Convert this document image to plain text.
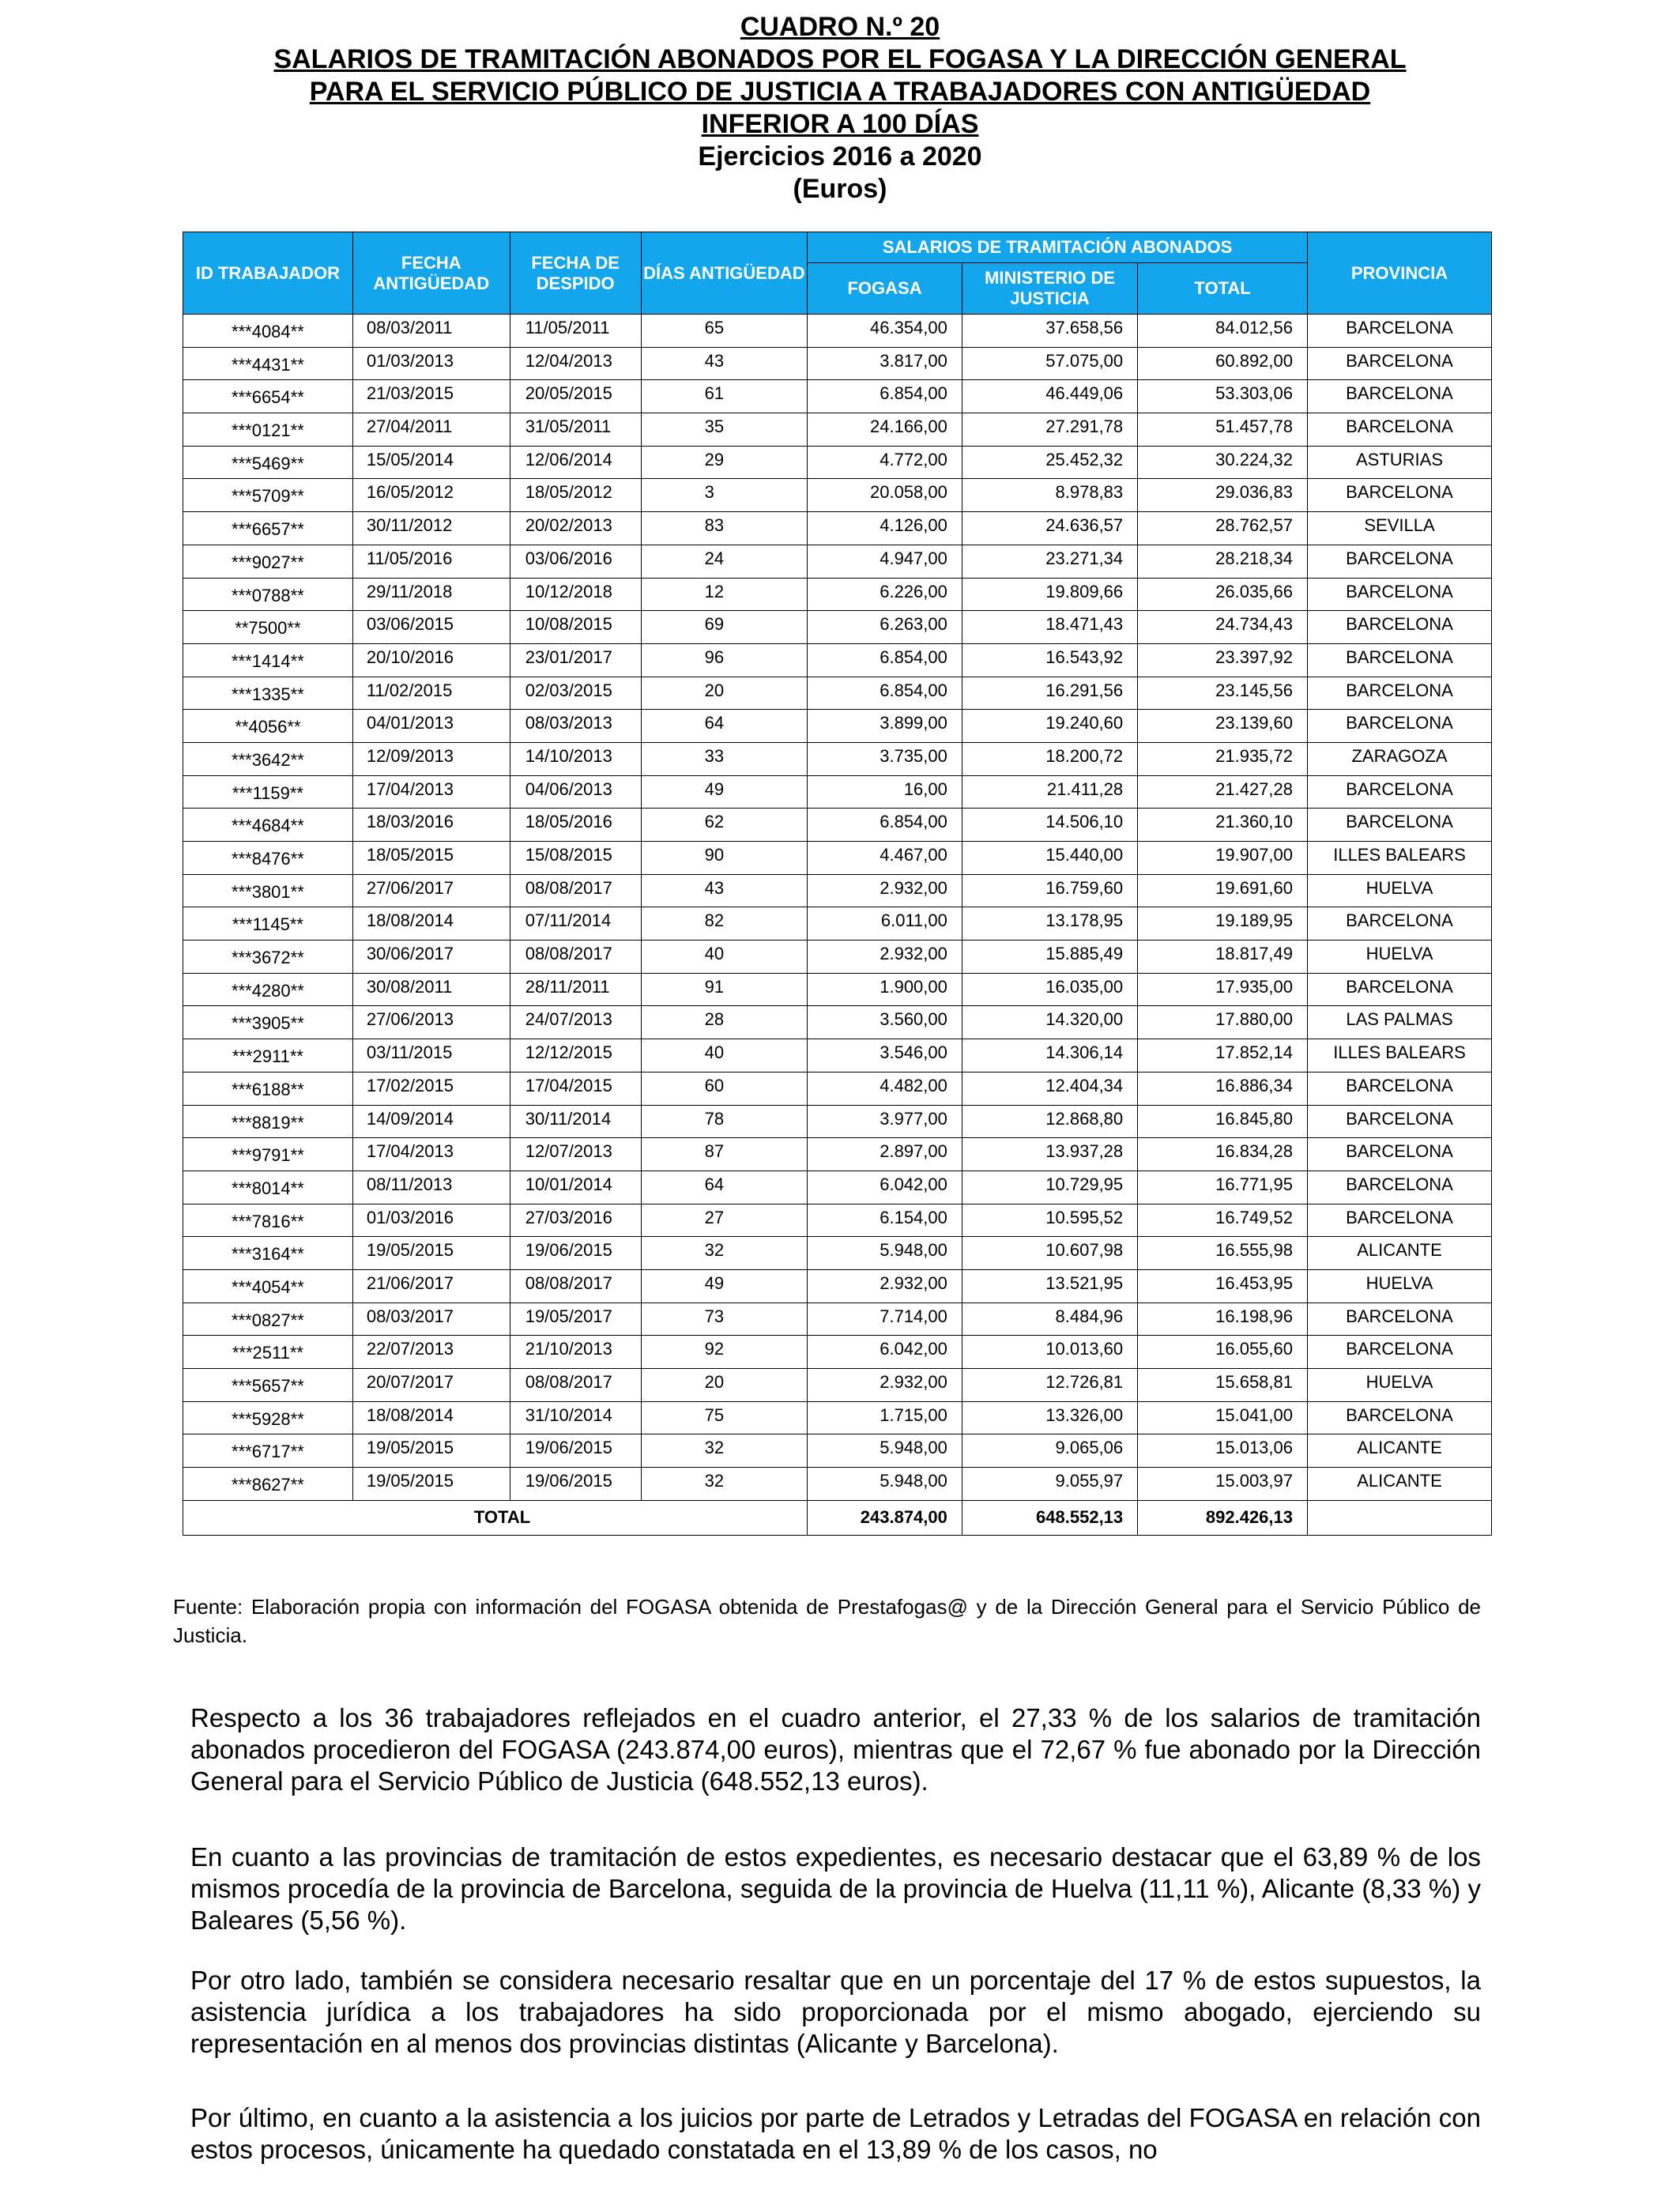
CUADRO N.º 20
SALARIOS DE TRAMITACIÓN ABONADOS POR EL FOGASA Y LA DIRECCIÓN GENERAL
PARA EL SERVICIO PÚBLICO DE JUSTICIA A TRABAJADORES CON ANTIGÜEDAD
INFERIOR A 100 DÍAS
Ejercicios 2016 a 2020
(Euros)
ID TRABAJADOR	FECHA ANTIGÜEDAD	FECHA DE DESPIDO	DÍAS ANTIGÜEDAD	SALARIOS DE TRAMITACIÓN ABONADOS			PROVINCIA
				FOGASA	MINISTERIO DE JUSTICIA	TOTAL	
***4084**	08/03/2011	11/05/2011	65	46.354,00	37.658,56	84.012,56	BARCELONA
***4431**	01/03/2013	12/04/2013	43	3.817,00	57.075,00	60.892,00	BARCELONA
***6654**	21/03/2015	20/05/2015	61	6.854,00	46.449,06	53.303,06	BARCELONA
***0121**	27/04/2011	31/05/2011	35	24.166,00	27.291,78	51.457,78	BARCELONA
***5469**	15/05/2014	12/06/2014	29	4.772,00	25.452,32	30.224,32	ASTURIAS
***5709**	16/05/2012	18/05/2012	3	20.058,00	8.978,83	29.036,83	BARCELONA
***6657**	30/11/2012	20/02/2013	83	4.126,00	24.636,57	28.762,57	SEVILLA
***9027**	11/05/2016	03/06/2016	24	4.947,00	23.271,34	28.218,34	BARCELONA
***0788**	29/11/2018	10/12/2018	12	6.226,00	19.809,66	26.035,66	BARCELONA
**7500**	03/06/2015	10/08/2015	69	6.263,00	18.471,43	24.734,43	BARCELONA
***1414**	20/10/2016	23/01/2017	96	6.854,00	16.543,92	23.397,92	BARCELONA
***1335**	11/02/2015	02/03/2015	20	6.854,00	16.291,56	23.145,56	BARCELONA
**4056**	04/01/2013	08/03/2013	64	3.899,00	19.240,60	23.139,60	BARCELONA
***3642**	12/09/2013	14/10/2013	33	3.735,00	18.200,72	21.935,72	ZARAGOZA
***1159**	17/04/2013	04/06/2013	49	16,00	21.411,28	21.427,28	BARCELONA
***4684**	18/03/2016	18/05/2016	62	6.854,00	14.506,10	21.360,10	BARCELONA
***8476**	18/05/2015	15/08/2015	90	4.467,00	15.440,00	19.907,00	ILLES BALEARS
***3801**	27/06/2017	08/08/2017	43	2.932,00	16.759,60	19.691,60	HUELVA
***1145**	18/08/2014	07/11/2014	82	6.011,00	13.178,95	19.189,95	BARCELONA
***3672**	30/06/2017	08/08/2017	40	2.932,00	15.885,49	18.817,49	HUELVA
***4280**	30/08/2011	28/11/2011	91	1.900,00	16.035,00	17.935,00	BARCELONA
***3905**	27/06/2013	24/07/2013	28	3.560,00	14.320,00	17.880,00	LAS PALMAS
***2911**	03/11/2015	12/12/2015	40	3.546,00	14.306,14	17.852,14	ILLES BALEARS
***6188**	17/02/2015	17/04/2015	60	4.482,00	12.404,34	16.886,34	BARCELONA
***8819**	14/09/2014	30/11/2014	78	3.977,00	12.868,80	16.845,80	BARCELONA
***9791**	17/04/2013	12/07/2013	87	2.897,00	13.937,28	16.834,28	BARCELONA
***8014**	08/11/2013	10/01/2014	64	6.042,00	10.729,95	16.771,95	BARCELONA
***7816**	01/03/2016	27/03/2016	27	6.154,00	10.595,52	16.749,52	BARCELONA
***3164**	19/05/2015	19/06/2015	32	5.948,00	10.607,98	16.555,98	ALICANTE
***4054**	21/06/2017	08/08/2017	49	2.932,00	13.521,95	16.453,95	HUELVA
***0827**	08/03/2017	19/05/2017	73	7.714,00	8.484,96	16.198,96	BARCELONA
***2511**	22/07/2013	21/10/2013	92	6.042,00	10.013,60	16.055,60	BARCELONA
***5657**	20/07/2017	08/08/2017	20	2.932,00	12.726,81	15.658,81	HUELVA
***5928**	18/08/2014	31/10/2014	75	1.715,00	13.326,00	15.041,00	BARCELONA
***6717**	19/05/2015	19/06/2015	32	5.948,00	9.065,06	15.013,06	ALICANTE
***8627**	19/05/2015	19/06/2015	32	5.948,00	9.055,97	15.003,97	ALICANTE
TOTAL				243.874,00	648.552,13	892.426,13	
Fuente: Elaboración propia con información del FOGASA obtenida de Prestafogas@ y de la Dirección General para el Servicio Público de Justicia.
Respecto a los 36 trabajadores reflejados en el cuadro anterior, el 27,33 % de los salarios de tramitación abonados procedieron del FOGASA (243.874,00 euros), mientras que el 72,67 % fue abonado por la Dirección General para el Servicio Público de Justicia (648.552,13 euros).
En cuanto a las provincias de tramitación de estos expedientes, es necesario destacar que el 63,89 % de los mismos procedía de la provincia de Barcelona, seguida de la provincia de Huelva (11,11 %), Alicante (8,33 %) y Baleares (5,56 %).
Por otro lado, también se considera necesario resaltar que en un porcentaje del 17 % de estos supuestos, la asistencia jurídica a los trabajadores ha sido proporcionada por el mismo abogado, ejerciendo su representación en al menos dos provincias distintas (Alicante y Barcelona).
Por último, en cuanto a la asistencia a los juicios por parte de Letrados y Letradas del FOGASA en relación con estos procesos, únicamente ha quedado constatada en el 13,89 % de los casos, no
